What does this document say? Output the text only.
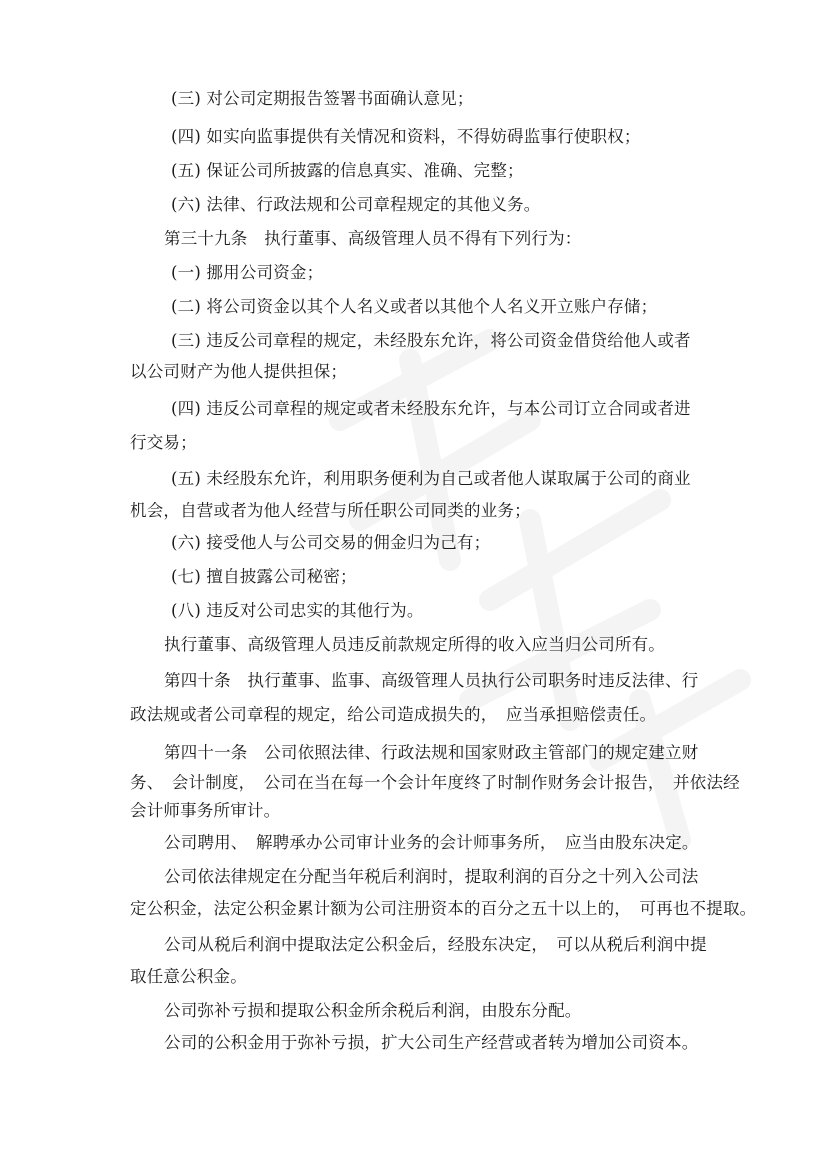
(三) 对公司定期报告签署书面确认意见；

(四) 如实向监事提供有关情况和资料，不得妨碍监事行使职权；

(五) 保证公司所披露的信息真实、准确、完整；

(六) 法律、行政法规和公司章程规定的其他义务。

第三十九条　执行董事、高级管理人员不得有下列行为：

(一) 挪用公司资金；

(二) 将公司资金以其个人名义或者以其他个人名义开立账户存储；

(三) 违反公司章程的规定，未经股东允许，将公司资金借贷给他人或者

以公司财产为他人提供担保；

(四) 违反公司章程的规定或者未经股东允许，与本公司订立合同或者进

行交易；

(五) 未经股东允许，利用职务便利为自己或者他人谋取属于公司的商业

机会，自营或者为他人经营与所任职公司同类的业务；

(六) 接受他人与公司交易的佣金归为己有；

(七) 擅自披露公司秘密；

(八) 违反对公司忠实的其他行为。

执行董事、高级管理人员违反前款规定所得的收入应当归公司所有。

第四十条　执行董事、监事、高级管理人员执行公司职务时违反法律、行

政法规或者公司章程的规定，给公司造成损失的，　应当承担赔偿责任。

第四十一条　公司依照法律、行政法规和国家财政主管部门的规定建立财

务、　会计制度，　公司在当在每一个会计年度终了时制作财务会计报告，　并依法经

会计师事务所审计。

公司聘用、　解聘承办公司审计业务的会计师事务所，　应当由股东决定。

公司依法律规定在分配当年税后利润时，提取利润的百分之十列入公司法

定公积金，法定公积金累计额为公司注册资本的百分之五十以上的，　可再也不提取。

公司从税后利润中提取法定公积金后，经股东决定，　可以从税后利润中提

取任意公积金。

公司弥补亏损和提取公积金所余税后利润，由股东分配。

公司的公积金用于弥补亏损，扩大公司生产经营或者转为增加公司资本。
